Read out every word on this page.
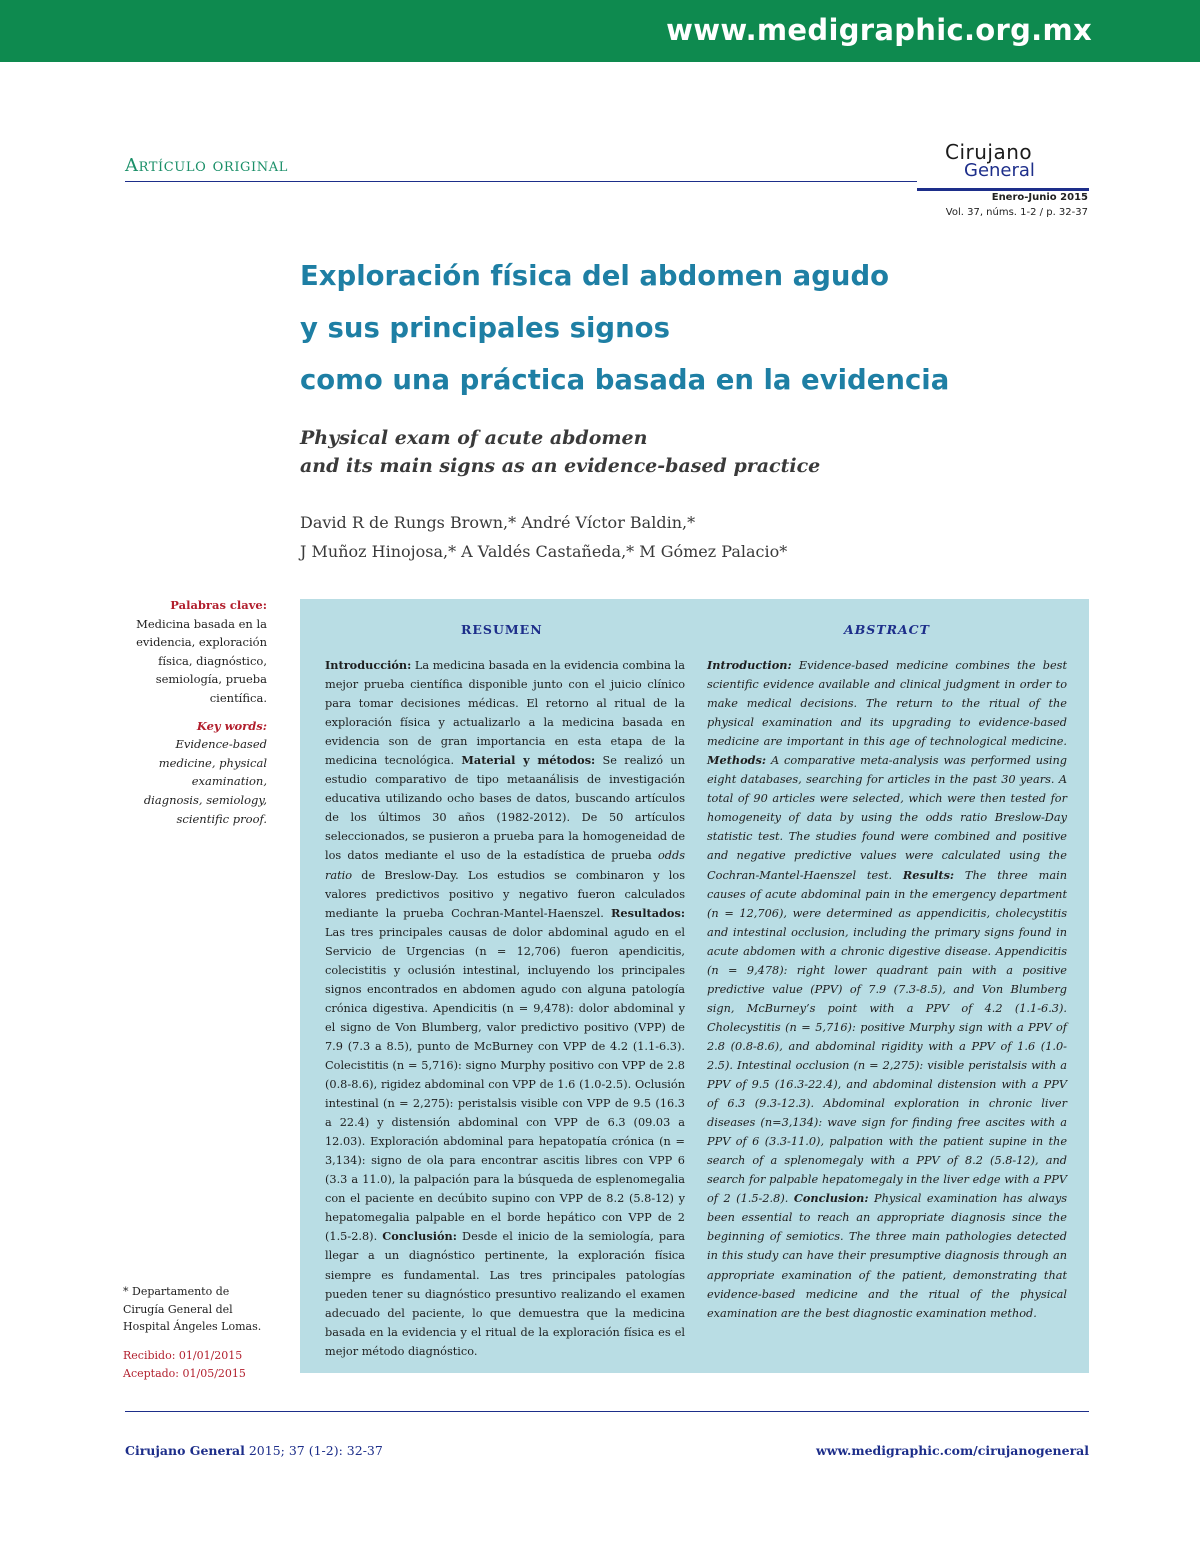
www.medigraphic.org.mx
Artículo original
Cirujano
General
Enero-Junio 2015
Vol. 37, núms. 1-2 / p. 32-37
Exploración física del abdomen agudo
y sus principales signos
como una práctica basada en la evidencia
Physical exam of acute abdomen
and its main signs as an evidence-based practice
David R de Rungs Brown,* André Víctor Baldin,*
J Muñoz Hinojosa,* A Valdés Castañeda,* M Gómez Palacio*
Palabras clave:
Medicina basada en la
evidencia, exploración
física, diagnóstico,
semiología, prueba
científica.
Key words:
Evidence-based
medicine, physical
examination,
diagnosis, semiology,
scientific proof.
* Departamento de
Cirugía General del
Hospital Ángeles Lomas.
Recibido: 01/01/2015
Aceptado: 01/05/2015
RESUMEN	ABSTRACT

Introducción: La medicina basada en la evidencia combina la mejor prueba científica disponible junto con el juicio clínico para tomar decisiones médicas. El retorno al ritual de la exploración física y actualizarlo a la medicina basada en evidencia son de gran importancia en esta etapa de la medicina tecnológica. Material y métodos: Se realizó un estudio comparativo de tipo metaanálisis de investigación educativa utilizando ocho bases de datos, buscando artículos de los últimos 30 años (1982-2012). De 50 artículos seleccionados, se pusieron a prueba para la homogeneidad de los datos mediante el uso de la estadística de prueba odds ratio de Breslow-Day. Los estudios se combinaron y los valores predictivos positivo y negativo fueron calculados mediante la prueba Cochran-Mantel-Haenszel. Resultados: Las tres principales causas de dolor abdominal agudo en el Servicio de Urgencias (n = 12,706) fueron apendicitis, colecistitis y oclusión intestinal, incluyendo los principales signos encontrados en abdomen agudo con alguna patología crónica digestiva. Apendicitis (n = 9,478): dolor abdominal y el signo de Von Blumberg, valor predictivo positivo (VPP) de 7.9 (7.3 a 8.5), punto de McBurney con VPP de 4.2 (1.1-6.3). Colecistitis (n = 5,716): signo Murphy positivo con VPP de 2.8 (0.8-8.6), rigidez abdominal con VPP de 1.6 (1.0-2.5). Oclusión intestinal (n = 2,275): peristalsis visible con VPP de 9.5 (16.3 a 22.4) y distensión abdominal con VPP de 6.3 (09.03 a 12.03). Exploración abdominal para hepatopatía crónica (n = 3,134): signo de ola para encontrar ascitis libres con VPP 6 (3.3 a 11.0), la palpación para la búsqueda de esplenomegalia con el paciente en decúbito supino con VPP de 8.2 (5.8-12) y hepatomegalia palpable en el borde hepático con VPP de 2 (1.5-2.8). Conclusión: Desde el inicio de la semiología, para llegar a un diagnóstico pertinente, la exploración física siempre es fundamental. Las tres principales patologías pueden tener su diagnóstico presuntivo realizando el examen adecuado del paciente, lo que demuestra que la medicina basada en la evidencia y el ritual de la exploración física es el mejor método diagnóstico.

Introduction: Evidence-based medicine combines the best scientific evidence available and clinical judgment in order to make medical decisions. The return to the ritual of the physical examination and its upgrading to evidence-based medicine are important in this age of technological medicine. Methods: A comparative meta-analysis was performed using eight databases, searching for articles in the past 30 years. A total of 90 articles were selected, which were then tested for homogeneity of data by using the odds ratio Breslow-Day statistic test. The studies found were combined and positive and negative predictive values were calculated using the Cochran-Mantel-Haenszel test. Results: The three main causes of acute abdominal pain in the emergency department (n = 12,706), were determined as appendicitis, cholecystitis and intestinal occlusion, including the primary signs found in acute abdomen with a chronic digestive disease. Appendicitis (n = 9,478): right lower quadrant pain with a positive predictive value (PPV) of 7.9 (7.3-8.5), and Von Blumberg sign, McBurney’s point with a PPV of 4.2 (1.1-6.3). Cholecystitis (n = 5,716): positive Murphy sign with a PPV of 2.8 (0.8-8.6), and abdominal rigidity with a PPV of 1.6 (1.0-2.5). Intestinal occlusion (n = 2,275): visible peristalsis with a PPV of 9.5 (16.3-22.4), and abdominal distension with a PPV of 6.3 (9.3-12.3). Abdominal exploration in chronic liver diseases (n=3,134): wave sign for finding free ascites with a PPV of 6 (3.3-11.0), palpation with the patient supine in the search of a splenomegaly with a PPV of 8.2 (5.8-12), and search for palpable hepatomegaly in the liver edge with a PPV of 2 (1.5-2.8). Conclusion: Physical examination has always been essential to reach an appropriate diagnosis since the beginning of semiotics. The three main pathologies detected in this study can have their presumptive diagnosis through an appropriate examination of the patient, demonstrating that evidence-based medicine and the ritual of the physical examination are the best diagnostic examination method.

Cirujano General 2015; 37 (1-2): 32-37	www.medigraphic.com/cirujanogeneral
